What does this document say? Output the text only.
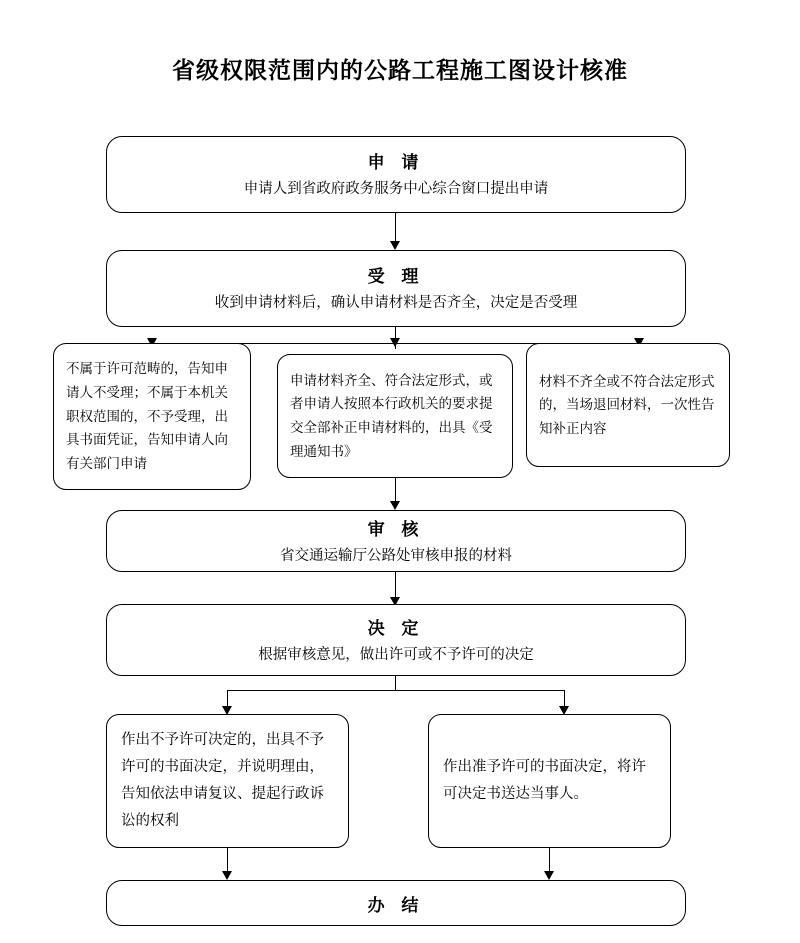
省级权限范围内的公路工程施工图设计核准
申 请
申请人到省政府政务服务中心综合窗口提出申请
受 理
收到申请材料后，确认申请材料是否齐全，决定是否受理
不属于许可范畴的，告知申请人不受理；不属于本机关职权范围的，不予受理，出具书面凭证，告知申请人向有关部门申请
申请材料齐全、符合法定形式，或者申请人按照本行政机关的要求提交全部补正申请材料的，出具《受理通知书》
材料不齐全或不符合法定形式的，当场退回材料，一次性告知补正内容
审 核
省交通运输厅公路处审核申报的材料
决 定
根据审核意见，做出许可或不予许可的决定
作出不予许可决定的，出具不予许可的书面决定，并说明理由，告知依法申请复议、提起行政诉讼的权利
作出准予许可的书面决定，将许可决定书送达当事人。
办 结
